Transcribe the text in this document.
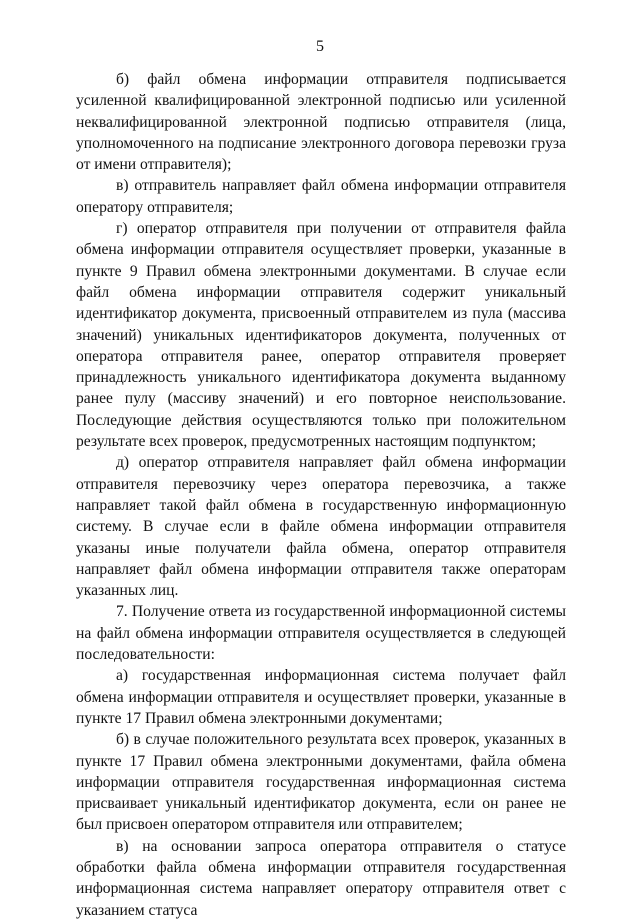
5

б) файл обмена информации отправителя подписывается усиленной квалифицированной электронной подписью или усиленной неквалифицированной электронной подписью отправителя (лица, уполномоченного на подписание электронного договора перевозки груза от имени отправителя);

в) отправитель направляет файл обмена информации отправителя оператору отправителя;

г) оператор отправителя при получении от отправителя файла обмена информации отправителя осуществляет проверки, указанные в пункте 9 Правил обмена электронными документами. В случае если файл обмена информации отправителя содержит уникальный идентификатор документа, присвоенный отправителем из пула (массива значений) уникальных идентификаторов документа, полученных от оператора отправителя ранее, оператор отправителя проверяет принадлежность уникального идентификатора документа выданному ранее пулу (массиву значений) и его повторное неиспользование. Последующие действия осуществляются только при положительном результате всех проверок, предусмотренных настоящим подпунктом;

д) оператор отправителя направляет файл обмена информации отправителя перевозчику через оператора перевозчика, а также направляет такой файл обмена в государственную информационную систему. В случае если в файле обмена информации отправителя указаны иные получатели файла обмена, оператор отправителя направляет файл обмена информации отправителя также операторам указанных лиц.

7. Получение ответа из государственной информационной системы на файл обмена информации отправителя осуществляется в следующей последовательности:

а) государственная информационная система получает файл обмена информации отправителя и осуществляет проверки, указанные в пункте 17 Правил обмена электронными документами;

б) в случае положительного результата всех проверок, указанных в пункте 17 Правил обмена электронными документами, файла обмена информации отправителя государственная информационная система присваивает уникальный идентификатор документа, если он ранее не был присвоен оператором отправителя или отправителем;

в) на основании запроса оператора отправителя о статусе обработки файла обмена информации отправителя государственная информационная система направляет оператору отправителя ответ с указанием статуса
